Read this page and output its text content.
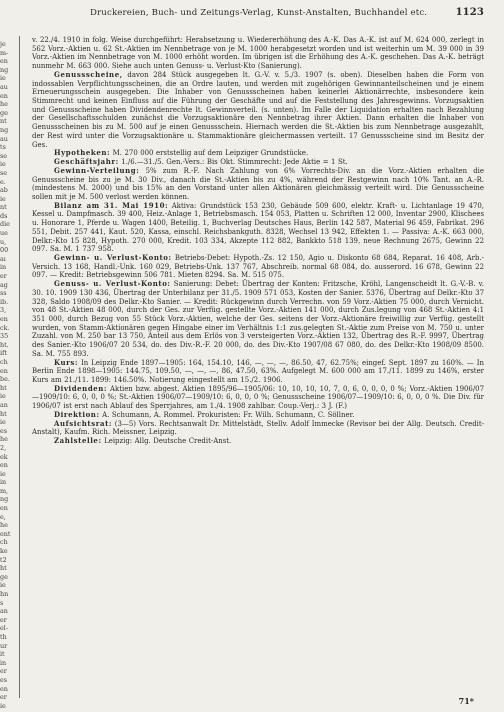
je
m-
en
ng
ie
au
en
he
ge
nt
ng
au
ts
se
ie
se
e.
ab
ie
nt
ds
die
ue
u,
00
aı
in
er
ag
ss
ib.
3,
en
ck.
35
ht.
ift
ch
en
be.
ht
ie
an
ht
ie
es
he
2,
ek
en
ie
in
m,
ng
en
e,
he
ent
ch
ke
t2
ht
ge
ie
hn
s
an
er
el-
th
ur
it
in
er
es
en
er
ie
Druckereien, Buch- und Zeitungs-Verlag, Kunst-Anstalten, Buchhandel etc.	1123

v. 22./4. 1910 in folg. Weise durchgeführt: Herabsetzung u. Wiedererhöhung des A.-K. Das A.-K. ist auf M. 624 000, zerlegt in 562 Vorz.-Aktien u. 62 St.-Aktien im Nennbetrage von je M. 1000 herabgesetzt worden und ist weiterhin um M. 39 000 in 39 Vorz.-Aktien im Nennbetrage von M. 1000 erhöht worden. Im übrigen ist die Erhöhung des A.-K. geschehen. Das A.-K. beträgt nunmehr M. 663 000. Siehe auch unten Genuss- u. Verlust-Kto (Sanierung).

Genussscheine, davon 284 Stück ausgegeben lt. G.-V. v. 5./3. 1907 (s. oben). Dieselben haben die Form von indossablen Verpflichtungsscheinen, die an Ordre lauten, und werden mit zugehörigen Gewinnanteilscheinen und je einem Erneuerungsschein ausgegeben. Die Inhaber von Genussscheinen haben keinerlei Aktionärrechte, insbesondere kein Stimmrecht und keinen Einfluss auf die Führung der Geschäfte und auf die Feststellung des Jahresgewinns. Vorzugsaktien und Genussscheine haben Dividendenrechte lt. Gewinnverteil. (s. unten). Im Falle der Liquidation erhalten nach Bezahlung der Gesellschaftsschulden zunächst die Vorzugsaktionäre den Nennbetrag ihrer Aktien. Dann erhalten die Inhaber von Genussscheinen bis zu M. 500 auf je einen Genussschein. Hiernach werden die St.-Aktien bis zum Nennbetrage ausgezahlt, der Rest wird unter die Vorzugsaktionäre u. Stammaktionäre gleichermassen verteilt. 17 Genussscheine sind im Besitz der Ges.

Hypotheken: M. 270 000 erststellig auf dem Leipziger Grundstücke.

Geschäftsjahr: 1./6.—31./5. Gen.-Vers.: Bis Okt. Stimmrecht: Jede Aktie = 1 St.

Gewinn-Verteilung: 5% zum R.-F. Nach Zahlung von 6% Vorrechts-Div. an die Vorz.-Aktien erhalten die Genussscheine bis zu je M. 30 Div., danach die St.-Aktien bis zu 4%, während der Restgewinn nach 10% Tant. an A.-R. (mindestens M. 2000) und bis 15% an den Vorstand unter allen Aktionären gleichmässig verteilt wird. Die Genussscheine sollen mit je M. 500 verlost werden können.

Bilanz am 31. Mai 1910: Aktiva: Grundstück 153 230, Gebäude 509 600, elektr. Kraft- u. Lichtanlage 19 470, Kessel u. Dampfmasch. 39 400, Heiz.-Anlage 1, Betriebsmasch. 154 053, Platten u. Schriften 12 000, Inventar 2900, Klischees u. Honorare 1, Pferde u. Wagen 1400, Beteilig. 1, Buchverlag Deutsches Haus, Berlin 142 587, Material 96 459, Fabrikat. 296 551, Debit. 257 441, Kaut. 520, Kassa, einschl. Reichsbankguth. 8328, Wechsel 13 942, Effekten 1. — Passiva: A.-K. 663 000, Delkr.-Kto 15 828, Hypoth. 270 000, Kredit. 103 334, Akzepte 112 882, Bankkto 518 139, neue Rechnung 2675, Gewinn 22 097. Sa. M. 1 737 958.

Gewinn- u. Verlust-Konto: Betriebs-Debet: Hypoth.-Zs. 12 150, Agio u. Diskonto 68 684, Reparat. 16 408, Arb.-Versich. 13 168, Handl.-Unk. 160 029, Betriebs-Unk. 137 767, Abschreib. normal 68 084, do. ausserord. 16 678, Gewinn 22 097. — Kredit: Betriebsgewinn 506 781. Mieten 8294. Sa. M. 515 075.

Genuss- u. Verlust-Konto: Sanierung: Debet: Übertrag der Konten: Fritzsche, Kröhl, Langenscheidt lt. G.-V.-B. v. 30. 10. 1909 130 436, Übertrag der Unterbilanz per 31./5. 1909 571 053, Kosten der Sanier. 5376, Übertrag auf Delkr.-Kto 37 328, Saldo 1908/09 des Delkr.-Kto Sanier. — Kredit: Rückgewinn durch Verrechn. von 59 Vorz.-Aktien 75 000, durch Vernicht. von 48 St.-Aktien 48 000, durch der Ges. zur Verfüg. gestellte Vorz.-Aktien 141 000, durch Zus.legung von 468 St.-Aktien 4:1 351 000, durch Bezug von 55 Stück Vorz.-Aktien, welche der Ges. seitens der Vorz.-Aktionäre freiwillig zur Verfüg. gestellt wurden, von Stamm-Aktionären gegen Hingabe einer im Verhältnis 1:1 zus.gelegten St.-Aktie zum Preise von M. 750 u. unter Zuzahl. von M. 250 bar 13 750, Anteil aus dem Erlös von 3 versteigerten Vorz.-Aktien 132, Übertrag des R.-F. 9997, Übertrag des Sanier.-Kto 1906/07 20 534, do. des Div.-R.-F. 20 000, do. des Div.-Kto 1907/08 67 080, do. des Delkr.-Kto 1908/09 8500. Sa. M. 755 893.

Kurs: In Leipzig Ende 1897—1905: 164, 154.10, 146, —, —, —, 86.50, 47, 62.75%; eingef. Sept. 1897 zu 160%. — In Berlin Ende 1898—1905: 144.75, 109.50, —, —, —, 86, 47.50, 63%. Aufgelegt M. 600 000 am 17./11. 1899 zu 146%, erster Kurs am 21./11. 1899: 146.50%. Notierung eingestellt am 15./2. 1906.

Dividenden: Aktien bzw. abgest. Aktien 1895/96—1905/06: 10, 10, 10, 10, 7, 0, 6, 0, 0, 0, 0 %; Vorz.-Aktien 1906/07—1909/10: 6, 0, 0, 0 %; St.-Aktien 1906/07—1909/10: 6, 0, 0, 0 %; Genussscheine 1906/07—1909/10: 6, 0, 0, 0 %. Die Div. für 1906/07 ist erst nach Ablauf des Sperrjahres, am 1./4. 1908 zahlbar. Coup.-Verj.: 3 J. (F.)

Direktion: A. Schumann, A. Rommel. Prokuristen: Fr. Wilh. Schumann, C. Söllner.

Aufsichtsrat: (3—5) Vors. Rechtsanwalt Dr. Mittelstädt, Stellv. Adolf Immecke (Revisor bei der Allg. Deutsch. Credit-Anstalt), Kaufm. Rich. Meissner, Leipzig.

Zahlstelle: Leipzig: Allg. Deutsche Credit-Anst.

71*
